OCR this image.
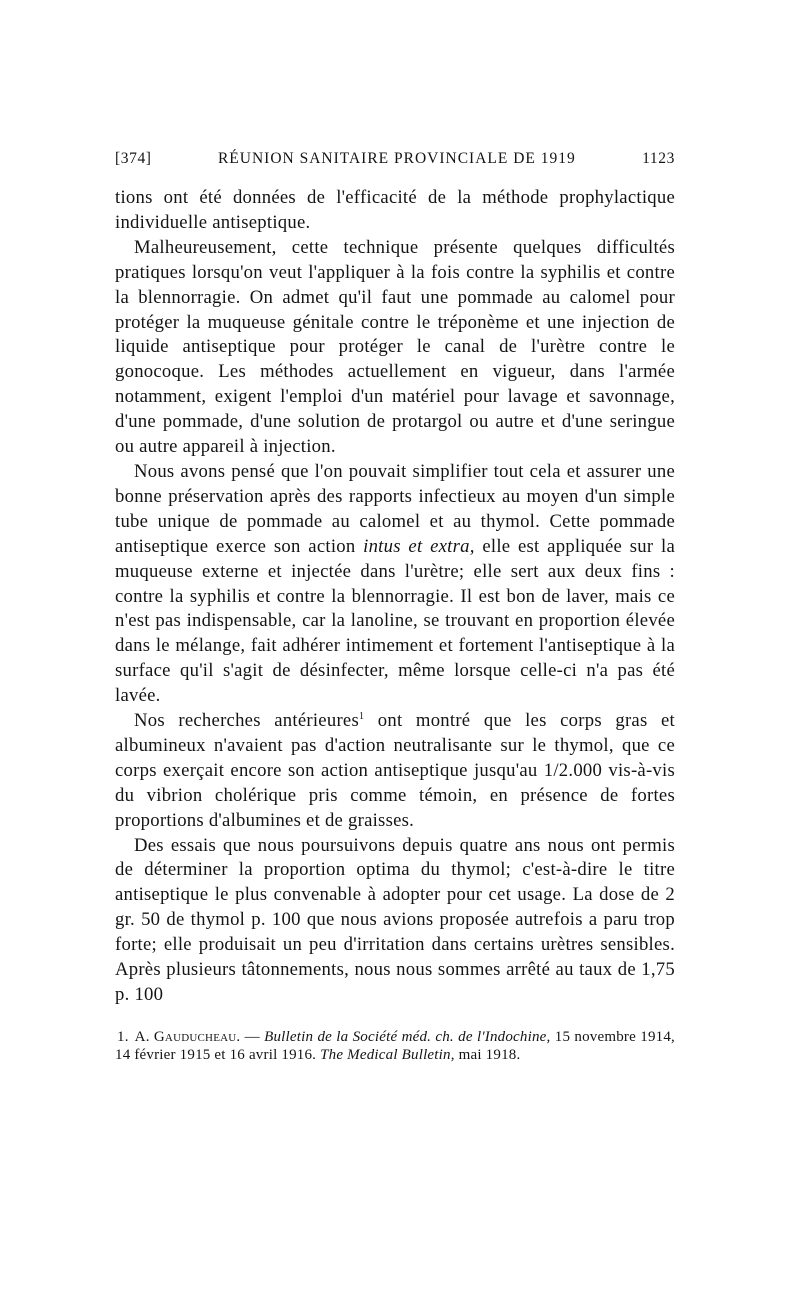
[374]	RÉUNION SANITAIRE PROVINCIALE DE 1919	1123

tions ont été données de l'efficacité de la méthode prophylactique individuelle antiseptique.

Malheureusement, cette technique présente quelques difficultés pratiques lorsqu'on veut l'appliquer à la fois contre la syphilis et contre la blennorragie. On admet qu'il faut une pommade au calomel pour protéger la muqueuse génitale contre le tréponème et une injection de liquide antiseptique pour protéger le canal de l'urètre contre le gonocoque. Les méthodes actuellement en vigueur, dans l'armée notamment, exigent l'emploi d'un matériel pour lavage et savonnage, d'une pommade, d'une solution de protargol ou autre et d'une seringue ou autre appareil à injection.

Nous avons pensé que l'on pouvait simplifier tout cela et assurer une bonne préservation après des rapports infectieux au moyen d'un simple tube unique de pommade au calomel et au thymol. Cette pommade antiseptique exerce son action intus et extra, elle est appliquée sur la muqueuse externe et injectée dans l'urètre; elle sert aux deux fins : contre la syphilis et contre la blennorragie. Il est bon de laver, mais ce n'est pas indispensable, car la lanoline, se trouvant en proportion élevée dans le mélange, fait adhérer intimement et fortement l'antiseptique à la surface qu'il s'agit de désinfecter, même lorsque celle-ci n'a pas été lavée.

Nos recherches antérieures$^1$ ont montré que les corps gras et albumineux n'avaient pas d'action neutralisante sur le thymol, que ce corps exerçait encore son action antiseptique jusqu'au 1/2.000 vis-à-vis du vibrion cholérique pris comme témoin, en présence de fortes proportions d'albumines et de graisses.

Des essais que nous poursuivons depuis quatre ans nous ont permis de déterminer la proportion optima du thymol; c'est-à-dire le titre antiseptique le plus convenable à adopter pour cet usage. La dose de 2 gr. 50 de thymol p. 100 que nous avions proposée autrefois a paru trop forte; elle produisait un peu d'irritation dans certains urètres sensibles. Après plusieurs tâtonnements, nous nous sommes arrêté au taux de 1,75 p. 100

1. A. Gauducheau. — Bulletin de la Société méd. ch. de l'Indochine, 15 novembre 1914, 14 février 1915 et 16 avril 1916. The Medical Bulletin, mai 1918.
